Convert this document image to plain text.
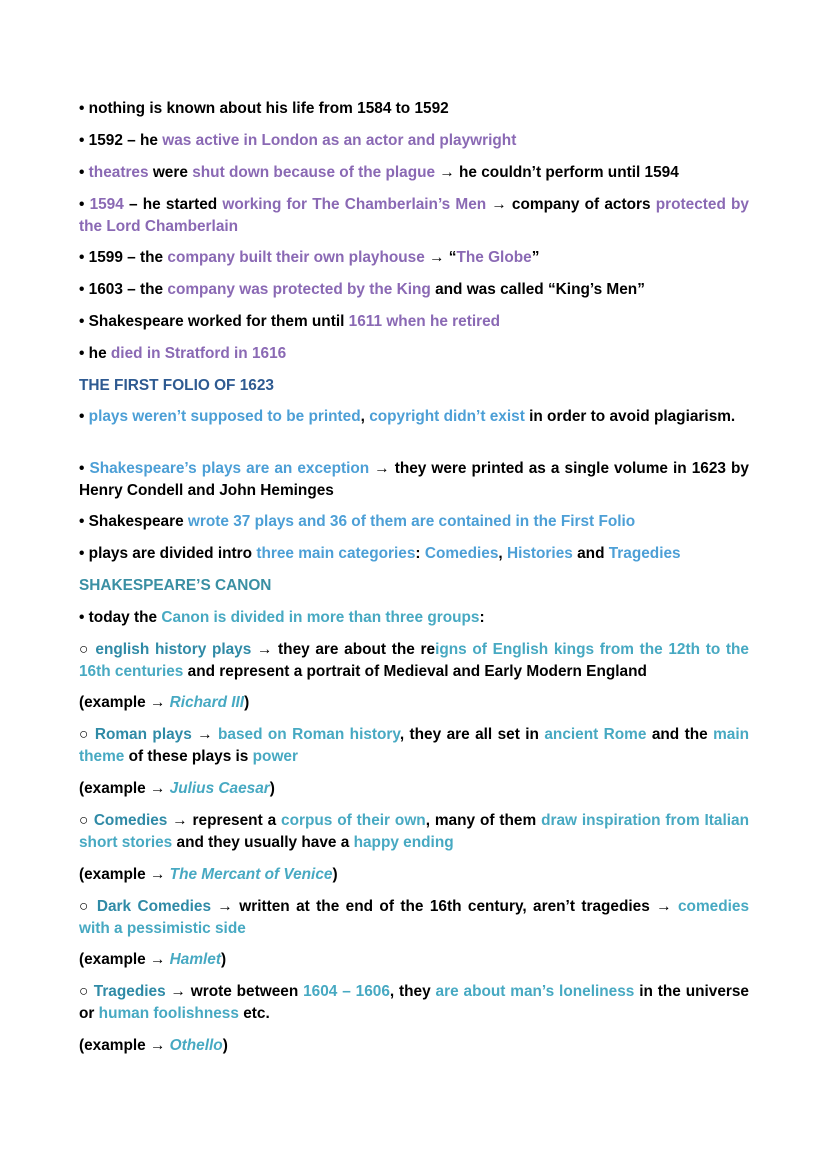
• nothing is known about his life from 1584 to 1592

• 1592 – he was active in London as an actor and playwright

• theatres were shut down because of the plague → he couldn’t perform until 1594

• 1594 – he started working for The Chamberlain’s Men → company of actors protected by the Lord Chamberlain

• 1599 – the company built their own playhouse → “The Globe”

• 1603 – the company was protected by the King and was called “King’s Men”

• Shakespeare worked for them until 1611 when he retired

• he died in Stratford in 1616

THE FIRST FOLIO OF 1623

• plays weren’t supposed to be printed, copyright didn’t exist in order to avoid plagiarism.

• Shakespeare’s plays are an exception → they were printed as a single volume in 1623 by Henry Condell and John Heminges

• Shakespeare wrote 37 plays and 36 of them are contained in the First Folio

• plays are divided intro three main categories: Comedies, Histories and Tragedies

SHAKESPEARE’S CANON

• today the Canon is divided in more than three groups:

○ english history plays → they are about the reigns of English kings from the 12th to the 16th centuries and represent a portrait of Medieval and Early Modern England

(example → Richard III)

○ Roman plays → based on Roman history, they are all set in ancient Rome and the main theme of these plays is power

(example → Julius Caesar)

○ Comedies → represent a corpus of their own, many of them draw inspiration from Italian short stories and they usually have a happy ending

(example → The Mercant of Venice)

○ Dark Comedies → written at the end of the 16th century, aren’t tragedies → comedies with a pessimistic side

(example → Hamlet)

○ Tragedies → wrote between 1604 – 1606, they are about man’s loneliness in the universe or human foolishness etc.

(example → Othello)
